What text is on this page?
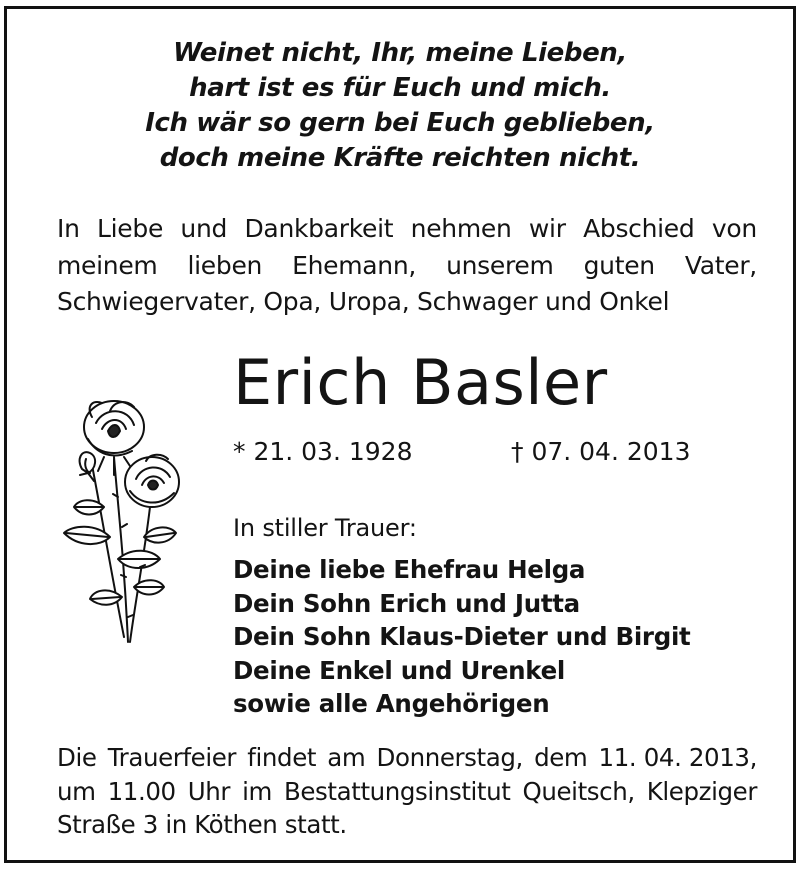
Weinet nicht, Ihr, meine Lieben,
hart ist es für Euch und mich.
Ich wär so gern bei Euch geblieben,
doch meine Kräfte reichten nicht.
In Liebe und Dankbarkeit nehmen wir Abschied von
meinem lieben Ehemann, unserem guten Vater,
Schwiegervater, Opa, Uropa, Schwager und Onkel
Erich Basler
* 21. 03. 1928	† 07. 04. 2013
In stiller Trauer:
Deine liebe Ehefrau Helga
Dein Sohn Erich und Jutta
Dein Sohn Klaus-Dieter und Birgit
Deine Enkel und Urenkel
sowie alle Angehörigen
Die Trauerfeier findet am Donnerstag, dem 11. 04. 2013,
um 11.00 Uhr im Bestattungsinstitut Queitsch, Klepziger
Straße 3 in Köthen statt.
